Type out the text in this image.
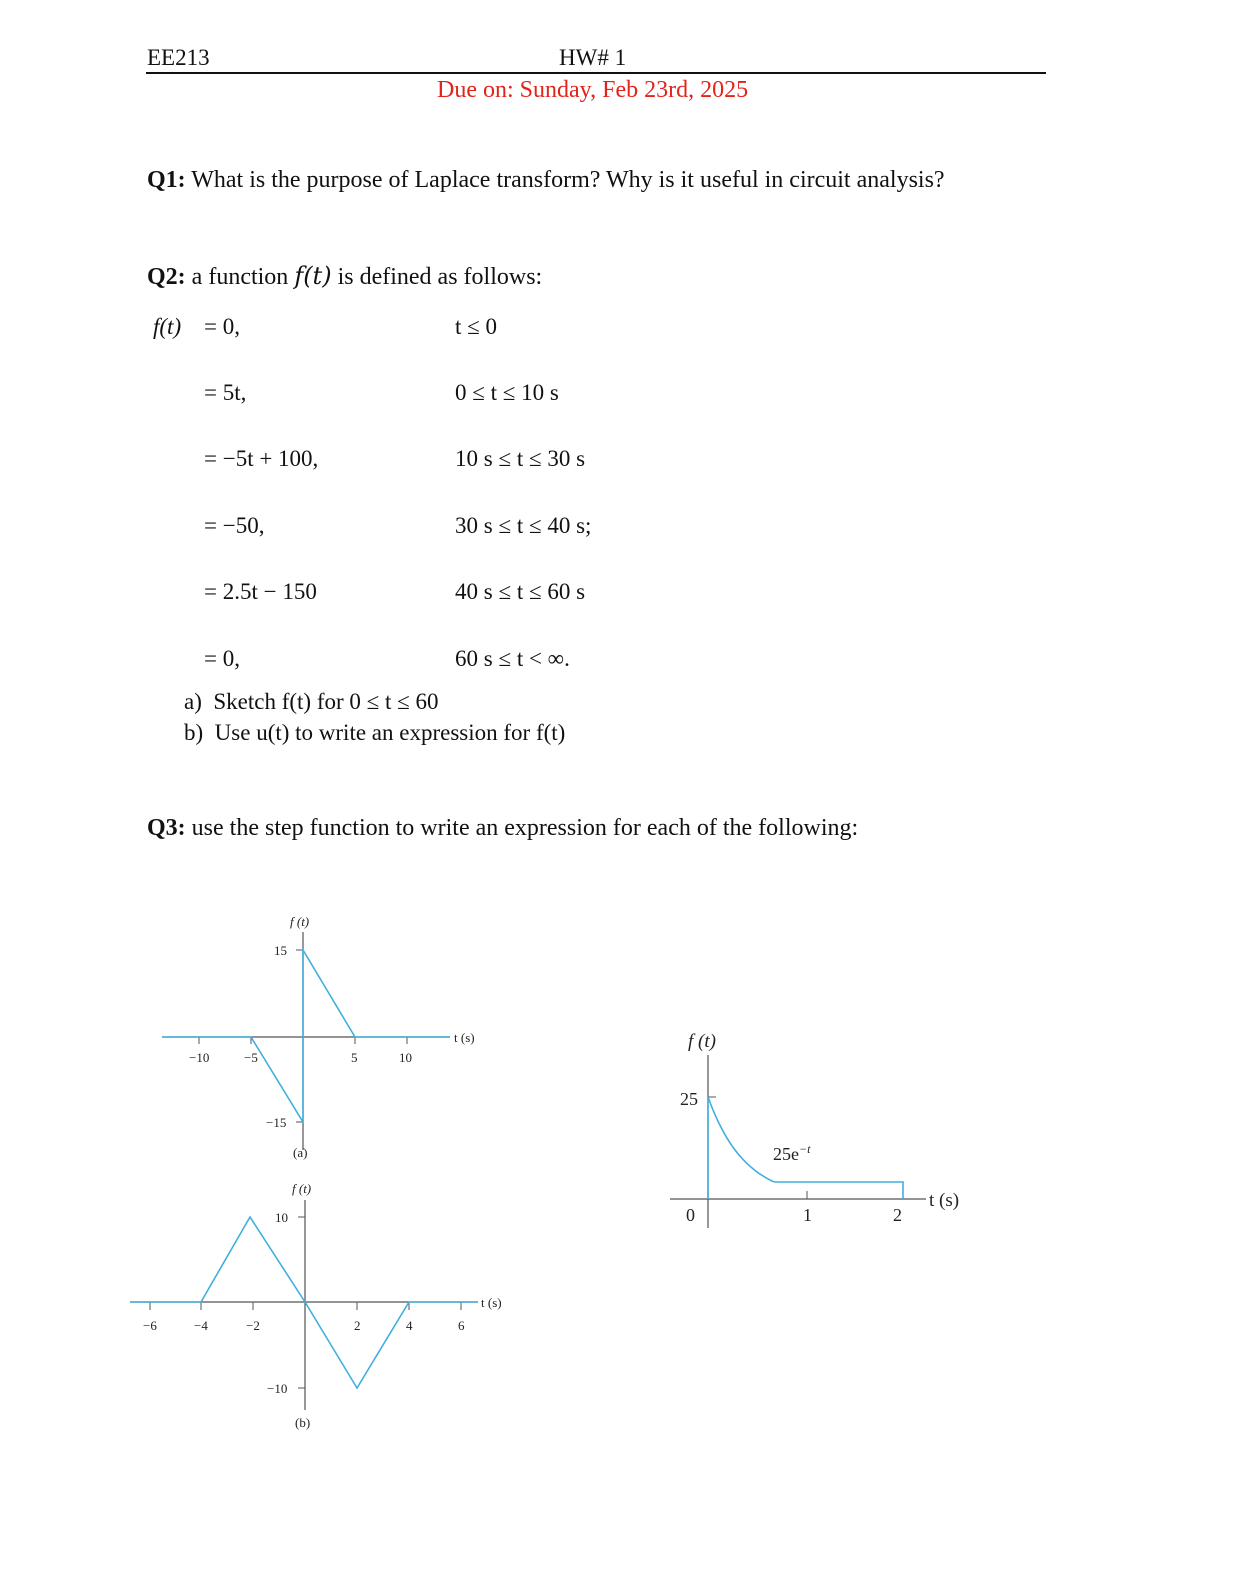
EE213	HW# 1
Due on: Sunday, Feb 23rd, 2025
Q1: What is the purpose of Laplace transform? Why is it useful in circuit analysis?
Q2: a function f(t) is defined as follows:
f(t) = 0,	t ≤ 0
= 5t,	0 ≤ t ≤ 10 s
= −5t + 100,	10 s ≤ t ≤ 30 s
= −50,	30 s ≤ t ≤ 40 s;
= 2.5t − 150	40 s ≤ t ≤ 60 s
= 0,	60 s ≤ t < ∞.
a) Sketch f(t) for 0 ≤ t ≤ 60
b) Use u(t) to write an expression for f(t)
Q3: use the step function to write an expression for each of the following:
f (t)
t (s)
−10	−5	5	10
15
−15
(a)
f (t)
t (s)
−6	−4	−2	2	4	6
10
−10
(b)
f (t)
t (s)
25
0	1	2
$25e^{-t}$
